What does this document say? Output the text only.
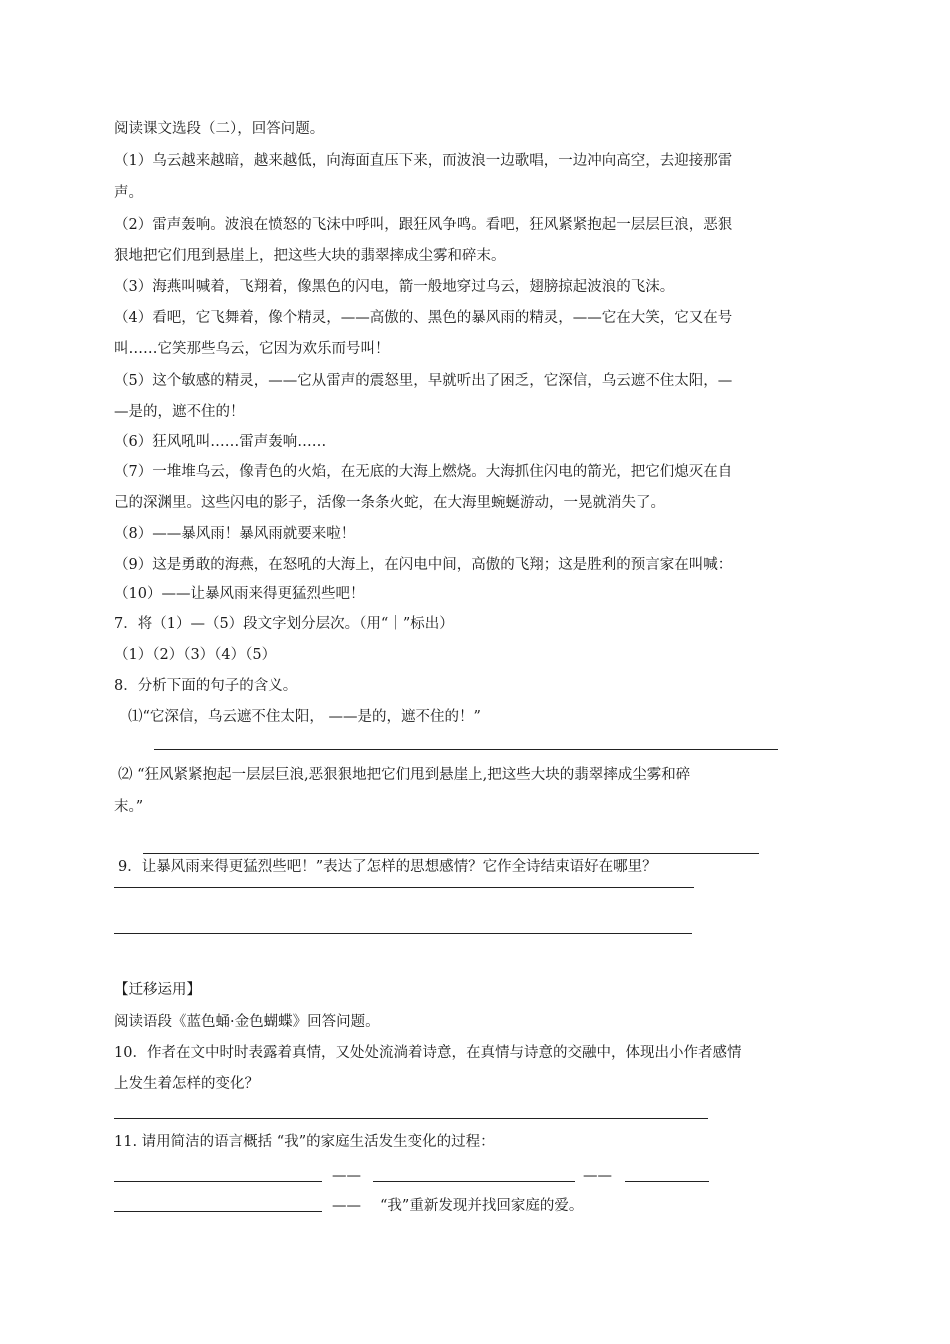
阅读课文选段（二），回答问题。
（1）乌云越来越暗，越来越低，向海面直压下来，而波浪一边歌唱，一边冲向高空，去迎接那雷
声。
（2）雷声轰响。波浪在愤怒的飞沫中呼叫，跟狂风争鸣。看吧，狂风紧紧抱起一层层巨浪，恶狠
狠地把它们甩到悬崖上，把这些大块的翡翠摔成尘雾和碎末。
（3）海燕叫喊着，飞翔着，像黑色的闪电，箭一般地穿过乌云，翅膀掠起波浪的飞沫。
（4）看吧，它飞舞着，像个精灵，——高傲的、黑色的暴风雨的精灵，——它在大笑，它又在号
叫……它笑那些乌云，它因为欢乐而号叫！
（5）这个敏感的精灵，——它从雷声的震怒里，早就听出了困乏，它深信，乌云遮不住太阳，—
—是的，遮不住的！
（6）狂风吼叫……雷声轰响……
（7）一堆堆乌云，像青色的火焰，在无底的大海上燃烧。大海抓住闪电的箭光，把它们熄灭在自
己的深渊里。这些闪电的影子，活像一条条火蛇，在大海里蜿蜒游动，一晃就消失了。
（8）——暴风雨！暴风雨就要来啦！
（9）这是勇敢的海燕，在怒吼的大海上，在闪电中间，高傲的飞翔；这是胜利的预言家在叫喊：
（10）——让暴风雨来得更猛烈些吧！
7．将（1）—（5）段文字划分层次。（用“｜”标出）
（1）（2）（3）（4）（5）
8．分析下面的句子的含义。
⑴“它深信，乌云遮不住太阳， ——是的，遮不住的！”
⑵ “狂风紧紧抱起一层层巨浪,恶狠狠地把它们甩到悬崖上,把这些大块的翡翠摔成尘雾和碎
末。”
9．让暴风雨来得更猛烈些吧！”表达了怎样的思想感情？它作全诗结束语好在哪里？
【迁移运用】
阅读语段《蓝色蛹·金色蝴蝶》回答问题。
10．作者在文中时时表露着真情，又处处流淌着诗意，在真情与诗意的交融中，体现出小作者感情
上发生着怎样的变化？
11. 请用简洁的语言概括 “我”的家庭生活发生变化的过程：
——	——
—— “我”重新发现并找回家庭的爱。
